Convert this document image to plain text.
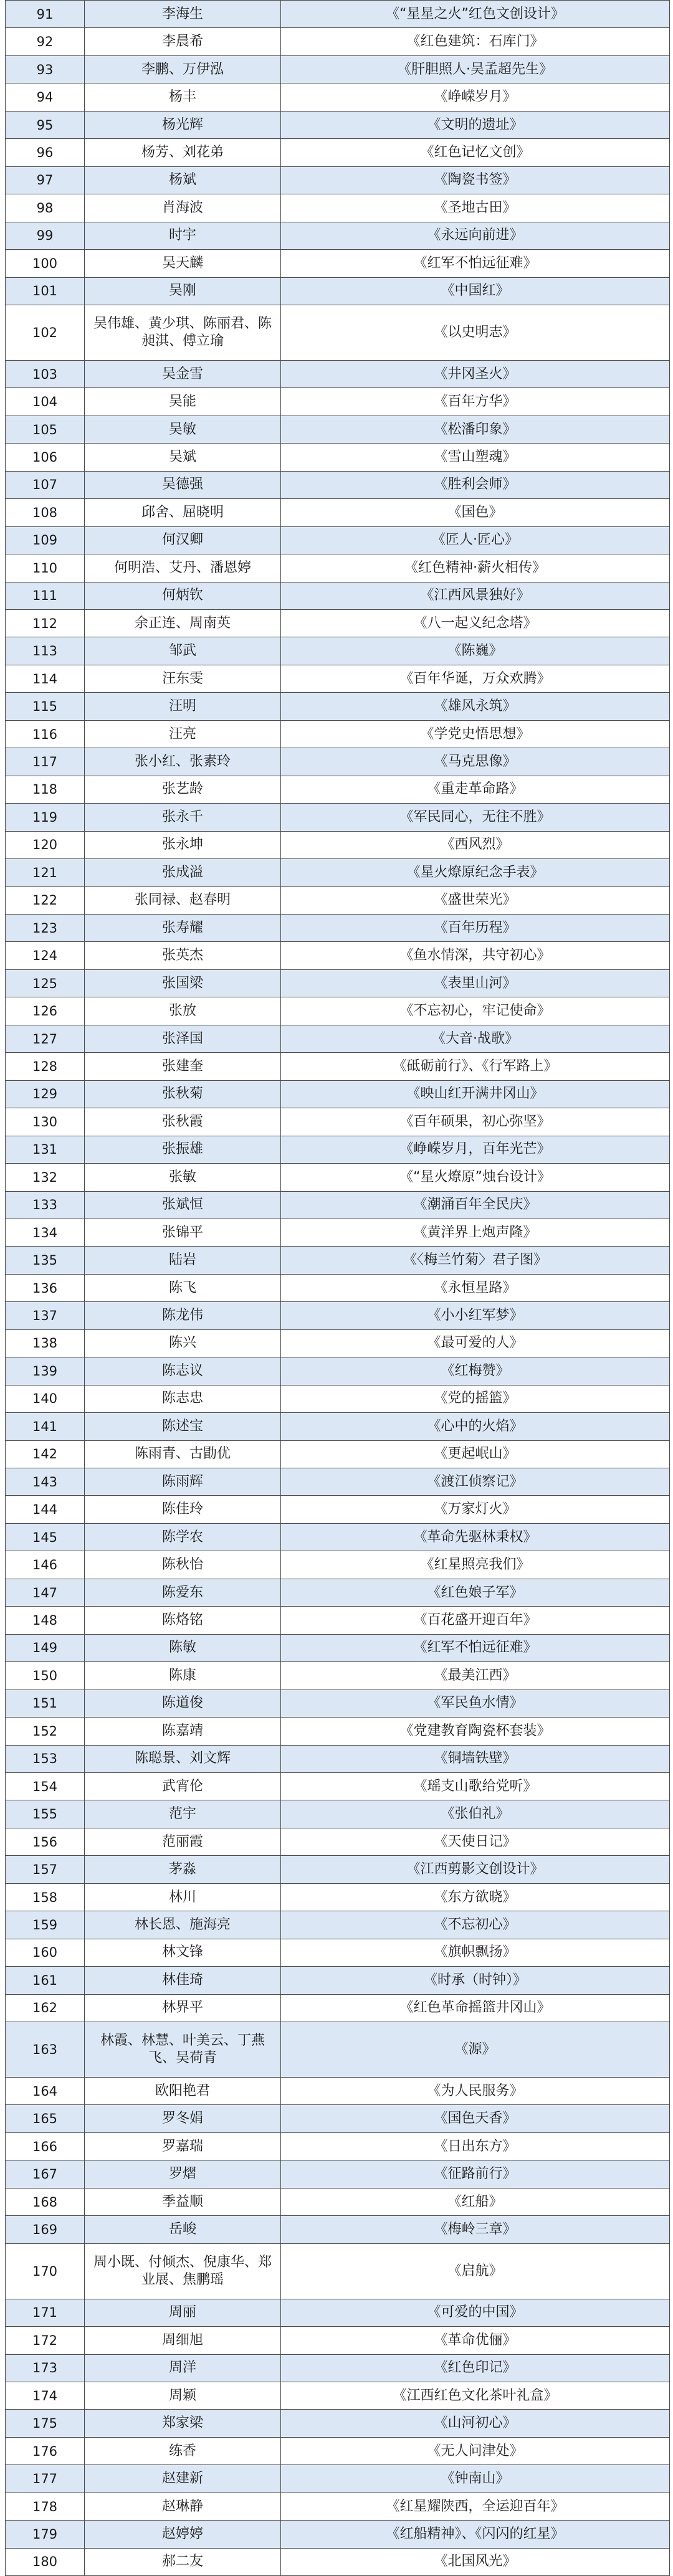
91	李海生	《“星星之火”红色文创设计》
92	李晨希	《红色建筑：石库门》
93	李鹏、万伊泓	《肝胆照人·吴孟超先生》
94	杨丰	《峥嵘岁月》
95	杨光辉	《文明的遗址》
96	杨芳、刘花弟	《红色记忆文创》
97	杨斌	《陶瓷书签》
98	肖海波	《圣地古田》
99	时宇	《永远向前进》
100	吴天麟	《红军不怕远征难》
101	吴刚	《中国红》
102	吴伟雄、黄少琪、陈丽君、陈昶淇、傅立瑜	《以史明志》
103	吴金雪	《井冈圣火》
104	吴能	《百年方华》
105	吴敏	《松潘印象》
106	吴斌	《雪山塑魂》
107	吴德强	《胜利会师》
108	邱舍、屈晓明	《国色》
109	何汉卿	《匠人·匠心》
110	何明浩、艾丹、潘恩婷	《红色精神·薪火相传》
111	何炳钦	《江西风景独好》
112	余正连、周南英	《八一起义纪念塔》
113	邹武	《陈巍》
114	汪东雯	《百年华诞，万众欢腾》
115	汪明	《雄风永筑》
116	汪亮	《学党史悟思想》
117	张小红、张素玲	《马克思像》
118	张艺龄	《重走革命路》
119	张永千	《军民同心，无往不胜》
120	张永坤	《西风烈》
121	张成溢	《星火燎原纪念手表》
122	张同禄、赵春明	《盛世荣光》
123	张寿耀	《百年历程》
124	张英杰	《鱼水情深，共守初心》
125	张国梁	《表里山河》
126	张放	《不忘初心，牢记使命》
127	张泽国	《大音·战歌》
128	张建奎	《砥砺前行》、《行军路上》
129	张秋菊	《映山红开满井冈山》
130	张秋霞	《百年硕果，初心弥坚》
131	张振雄	《峥嵘岁月，百年光芒》
132	张敏	《“星火燎原”烛台设计》
133	张斌恒	《潮涌百年全民庆》
134	张锦平	《黄洋界上炮声隆》
135	陆岩	《〈梅兰竹菊〉君子图》
136	陈飞	《永恒星路》
137	陈龙伟	《小小红军梦》
138	陈兴	《最可爱的人》
139	陈志议	《红梅赞》
140	陈志忠	《党的摇篮》
141	陈述宝	《心中的火焰》
142	陈雨青、古勖优	《更起岷山》
143	陈雨辉	《渡江侦察记》
144	陈佳玲	《万家灯火》
145	陈学农	《革命先驱林秉权》
146	陈秋怡	《红星照亮我们》
147	陈爱东	《红色娘子军》
148	陈烙铭	《百花盛开迎百年》
149	陈敏	《红军不怕远征难》
150	陈康	《最美江西》
151	陈道俊	《军民鱼水情》
152	陈嘉靖	《党建教育陶瓷杯套装》
153	陈聪景、刘文辉	《铜墙铁壁》
154	武宵伦	《瑶支山歌给党听》
155	范宇	《张伯礼》
156	范丽霞	《天使日记》
157	茅淼	《江西剪影文创设计》
158	林川	《东方欲晓》
159	林长恩、施海亮	《不忘初心》
160	林文锋	《旗帜飘扬》
161	林佳琦	《时承（时钟）》
162	林界平	《红色革命摇篮井冈山》
163	林霞、林慧、叶美云、丁燕飞、吴荷青	《源》
164	欧阳艳君	《为人民服务》
165	罗冬娟	《国色天香》
166	罗嘉瑞	《日出东方》
167	罗熠	《征路前行》
168	季益顺	《红船》
169	岳峻	《梅岭三章》
170	周小既、付倾杰、倪康华、郑业展、焦鹏瑶	《启航》
171	周丽	《可爱的中国》
172	周细旭	《革命优俪》
173	周洋	《红色印记》
174	周颖	《江西红色文化茶叶礼盒》
175	郑家梁	《山河初心》
176	练香	《无人问津处》
177	赵建新	《钟南山》
178	赵琳静	《红星耀陕西，全运迎百年》
179	赵婷婷	《红船精神》、《闪闪的红星》
180	郝二友	《北国风光》
